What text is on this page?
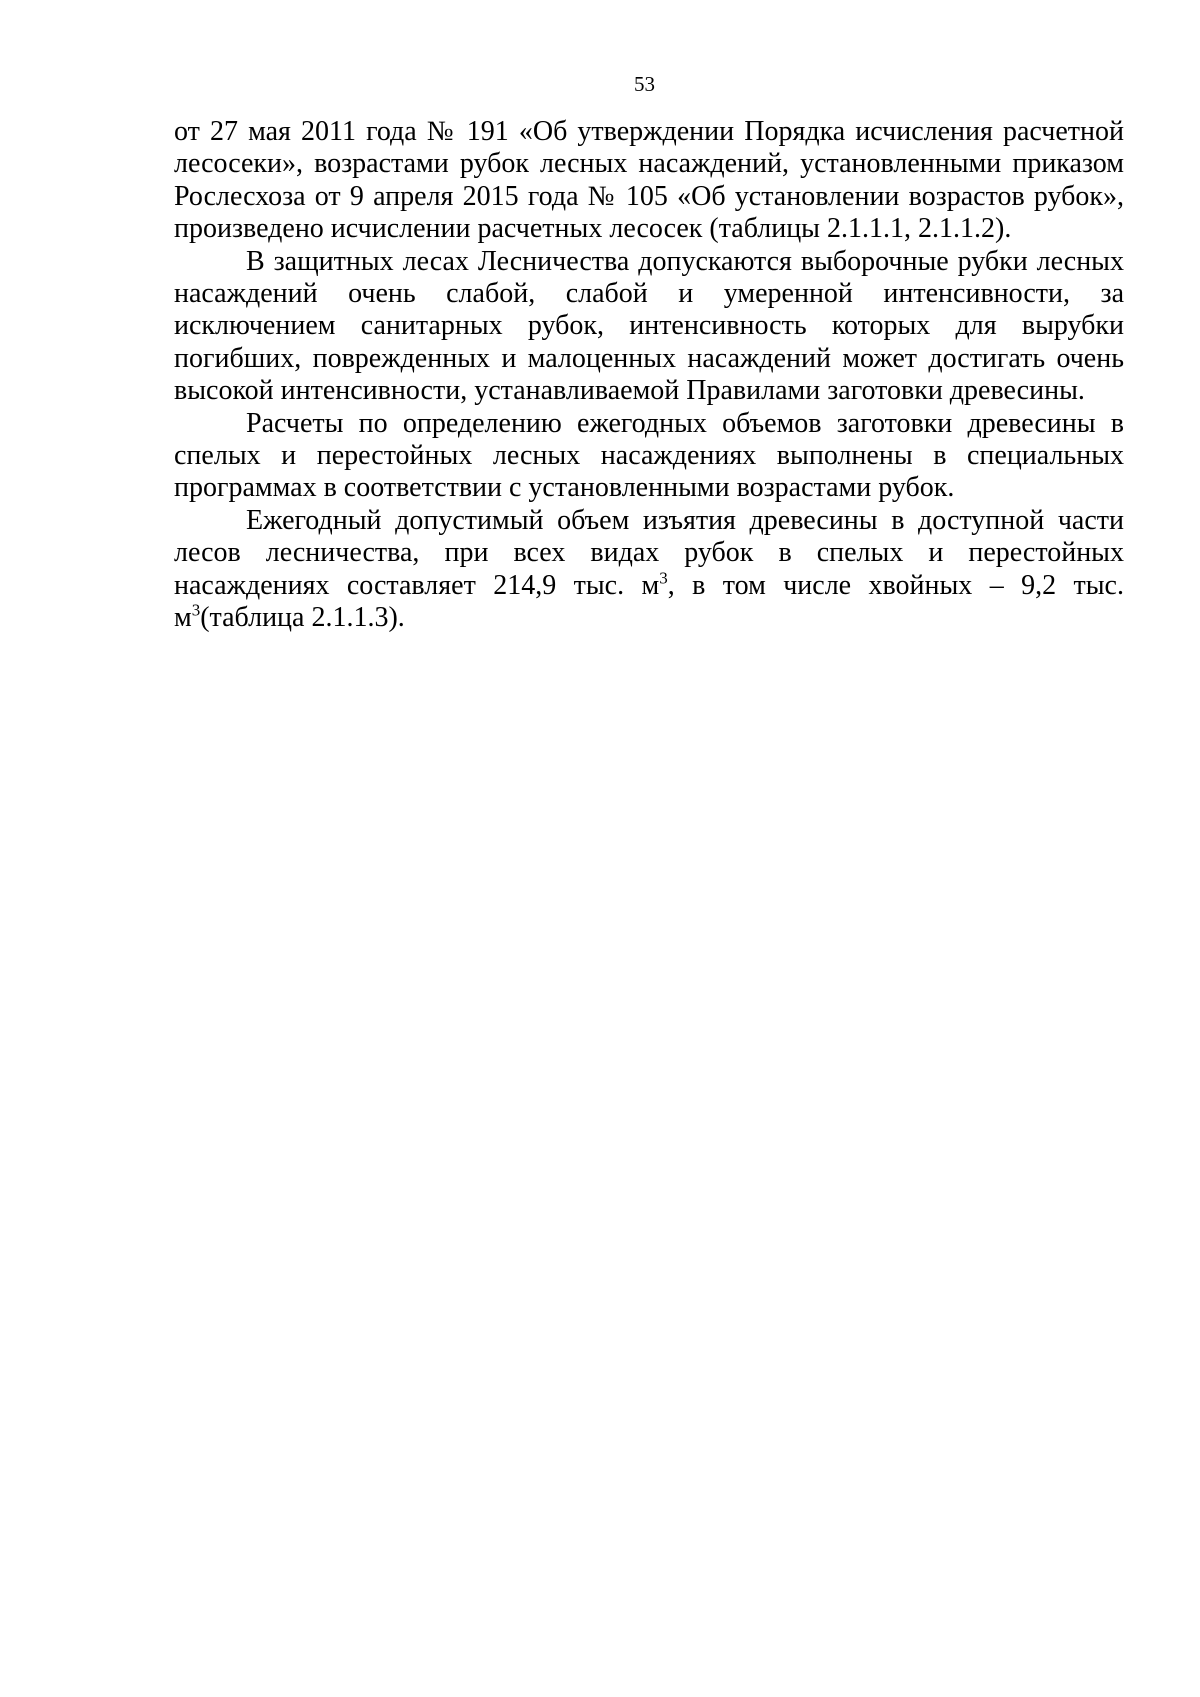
53

от 27 мая 2011 года № 191 «Об утверждении Порядка исчисления расчетной лесосеки», возрастами рубок лесных насаждений, установленными приказом Рослесхоза от 9 апреля 2015 года № 105 «Об установлении возрастов рубок», произведено исчислении расчетных лесосек (таблицы 2.1.1.1, 2.1.1.2).

В защитных лесах Лесничества допускаются выборочные рубки лесных насаждений очень слабой, слабой и умеренной интенсивности, за исключением санитарных рубок, интенсивность которых для вырубки погибших, поврежденных и малоценных насаждений может достигать очень высокой интенсивности, устанавливаемой Правилами заготовки древесины.

Расчеты по определению ежегодных объемов заготовки древесины в спелых и перестойных лесных насаждениях выполнены в специальных программах в соответствии с установленными возрастами рубок.

Ежегодный допустимый объем изъятия древесины в доступной части лесов лесничества, при всех видах рубок в спелых и перестойных насаждениях составляет 214,9 тыс. $м^3$, в том числе хвойных – 9,2 тыс. $м^3(таблица$ 2.1.1.3).
